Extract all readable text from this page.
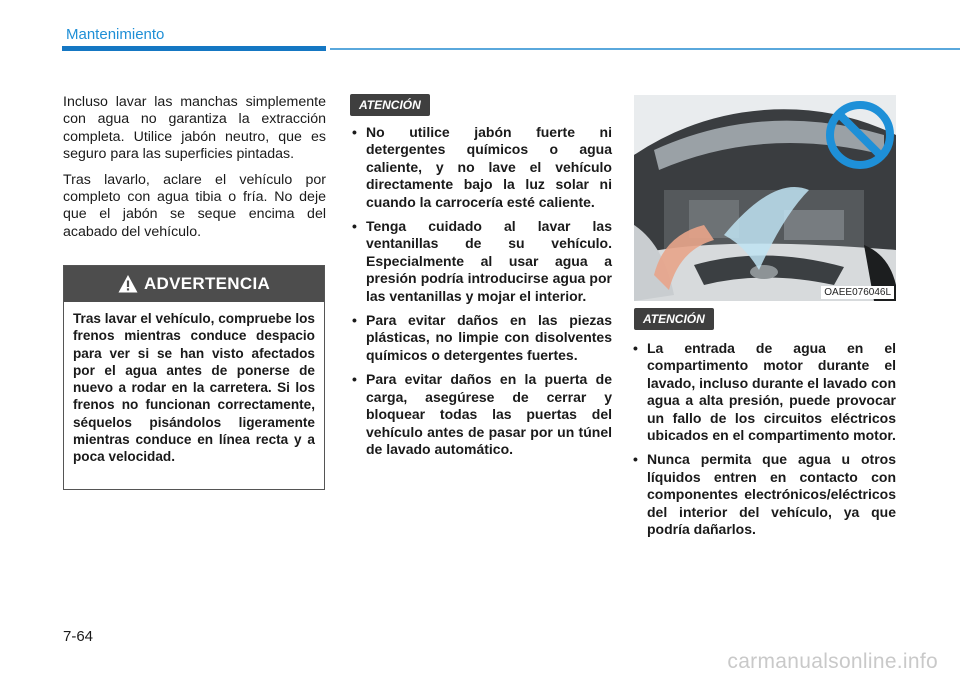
Mantenimiento

Incluso lavar las manchas simplemente con agua no garantiza la extracción completa. Utilice jabón neutro, que es seguro para las superficies pintadas.

Tras lavarlo, aclare el vehículo por completo con agua tibia o fría. No deje que el jabón se seque encima del acabado del vehículo.

ADVERTENCIA
Tras lavar el vehículo, compruebe los frenos mientras conduce despacio para ver si se han visto afectados por el agua antes de ponerse de nuevo a rodar en la carretera. Si los frenos no funcionan correctamente, séquelos pisándolos ligeramente mientras conduce en línea recta y a poca velocidad.
ATENCIÓN
• No utilice jabón fuerte ni detergentes químicos o agua caliente, y no lave el vehículo directamente bajo la luz solar ni cuando la carrocería esté caliente.
• Tenga cuidado al lavar las ventanillas de su vehículo. Especialmente al usar agua a presión podría introducirse agua por las ventanillas y mojar el interior.
• Para evitar daños en las piezas plásticas, no limpie con disolventes químicos o detergentes fuertes.
• Para evitar daños en la puerta de carga, asegúrese de cerrar y bloquear todas las puertas del vehículo antes de pasar por un túnel de lavado automático.
OAEE076046L
ATENCIÓN
• La entrada de agua en el compartimento motor durante el lavado, incluso durante el lavado con agua a alta presión, puede provocar un fallo de los circuitos eléctricos ubicados en el compartimento motor.
• Nunca permita que agua u otros líquidos entren en contacto con componentes electrónicos/eléctricos del interior del vehículo, ya que podría dañarlos.
7-64
carmanualsonline.info
